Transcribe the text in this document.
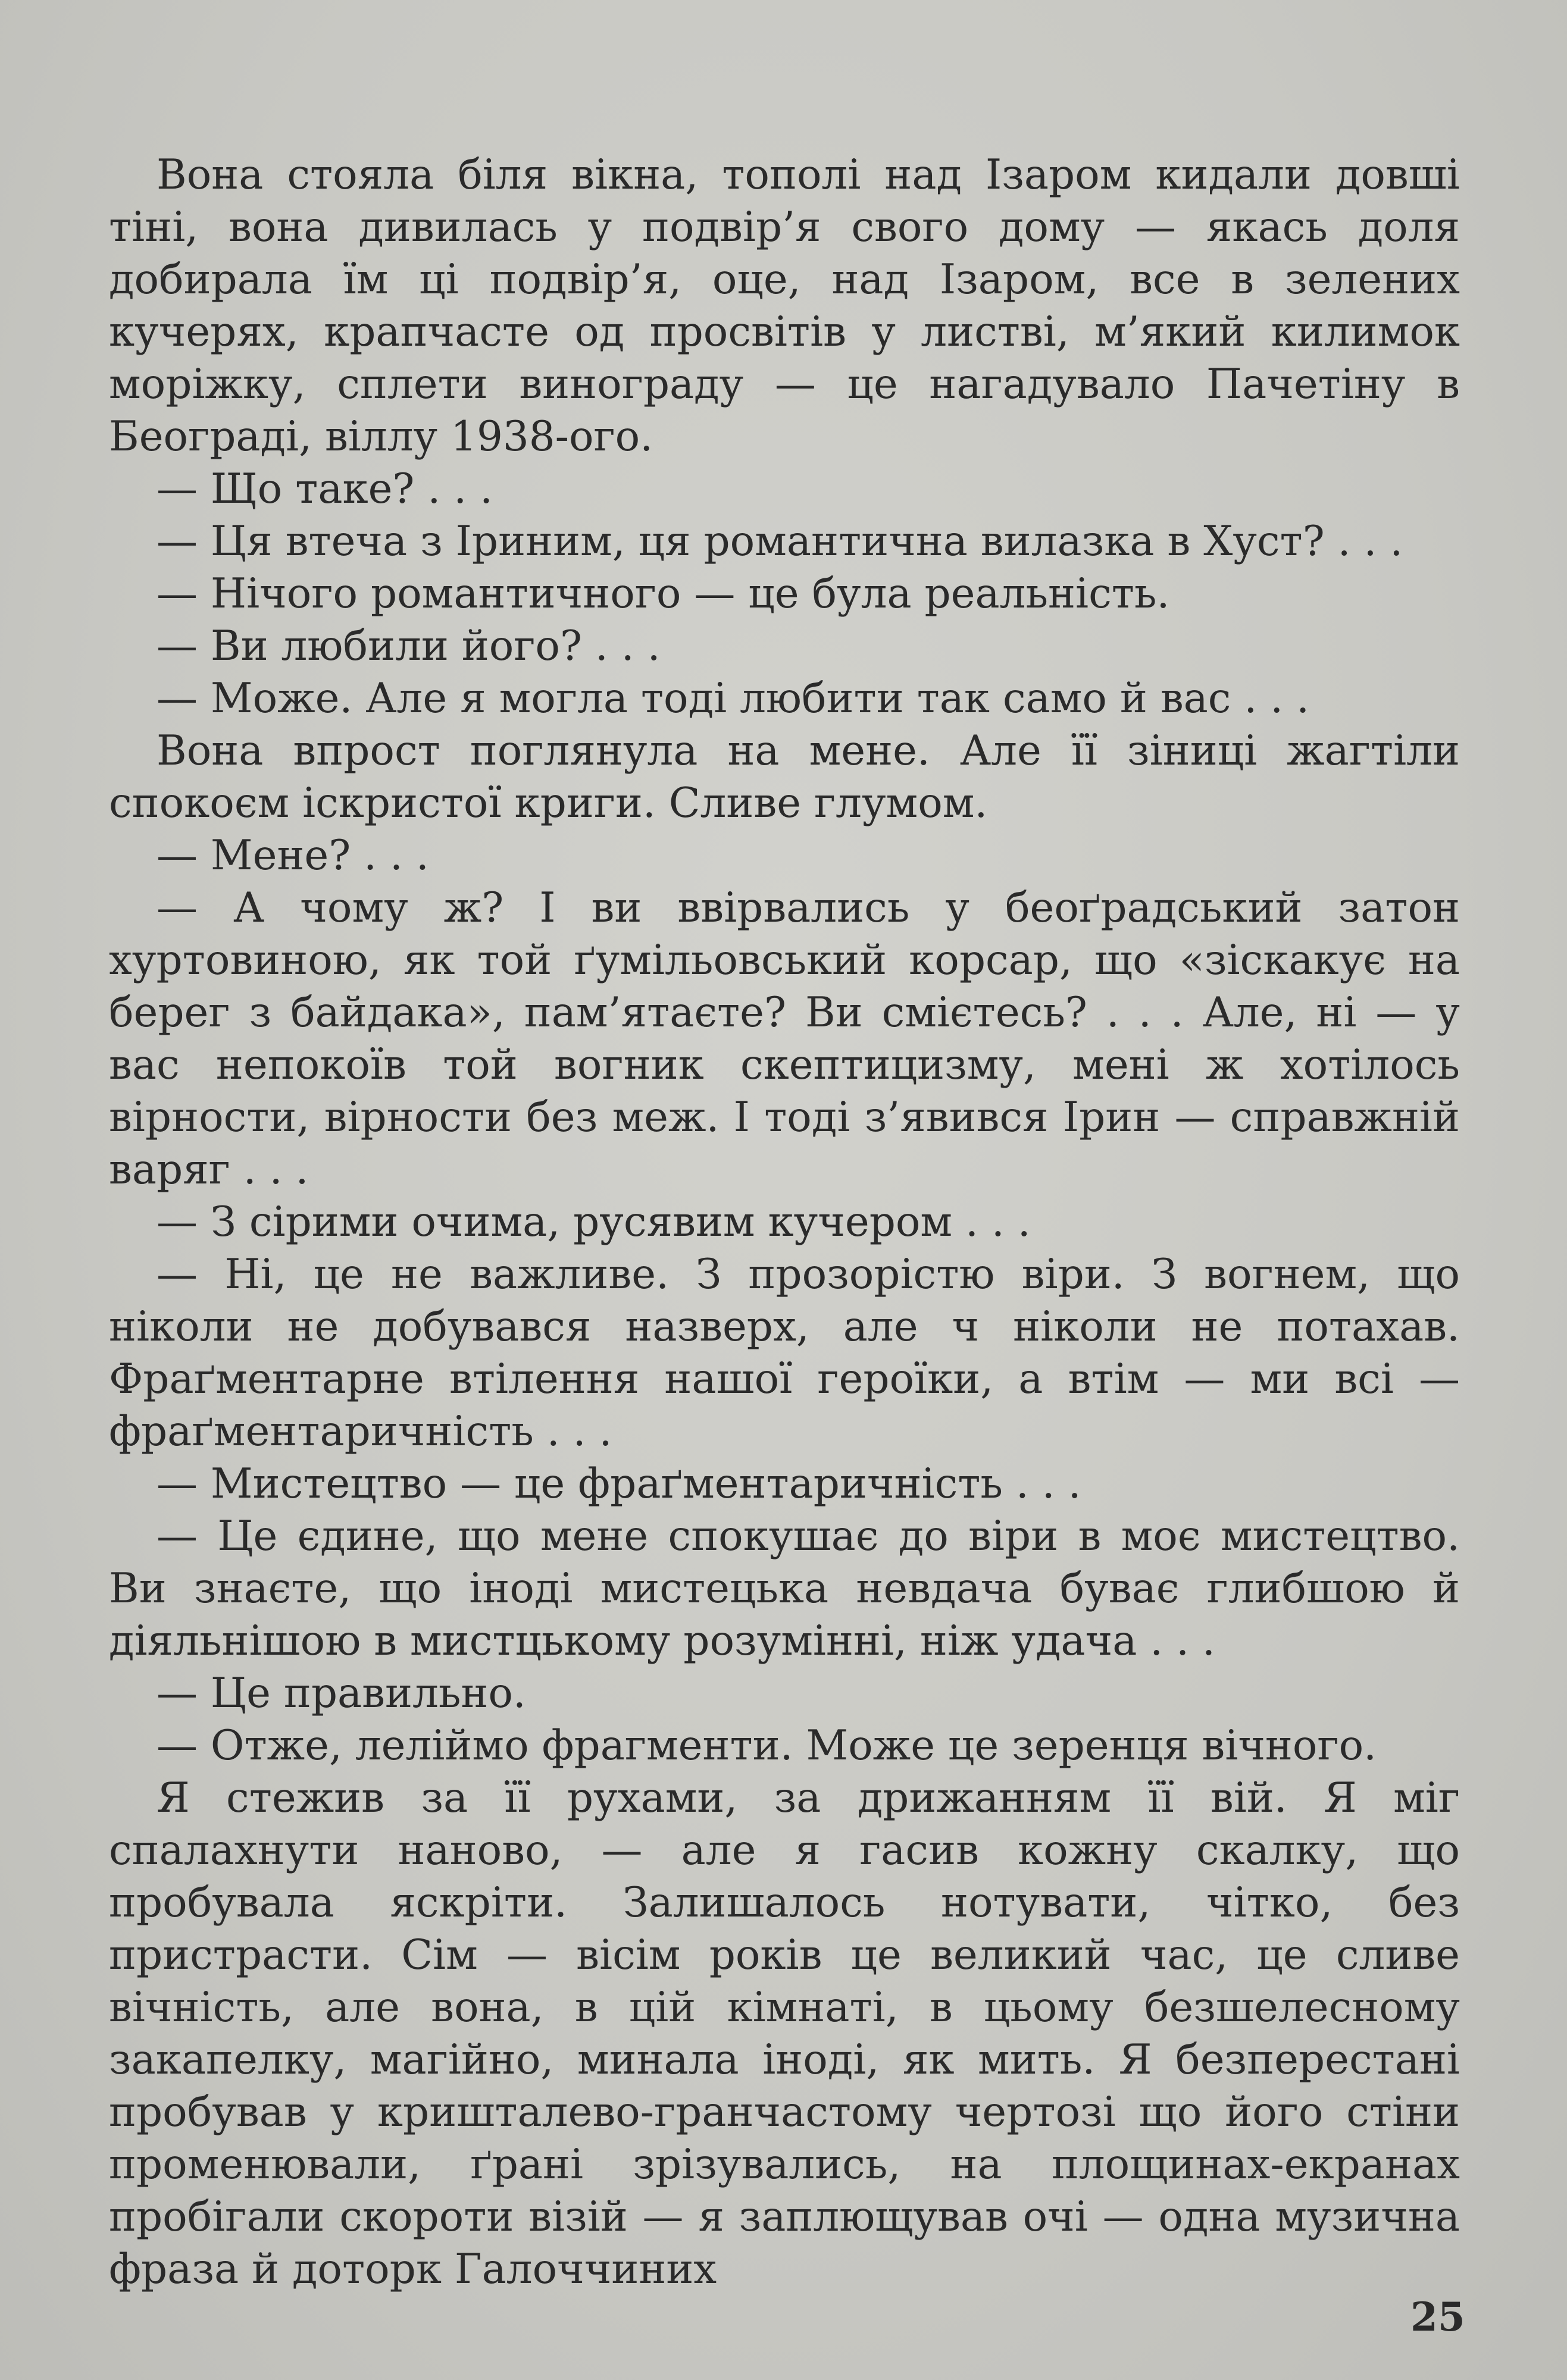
Вона стояла біля вікна, тополі над Ізаром кидали довші тіні, вона дивилась у подвір’я свого дому — якась доля добирала їм ці подвір’я, оце, над Ізаром, все в зелених кучерях, крапчасте од просвітів у листві, м’який килимок моріжку, сплети винограду — це нагадувало Пачетіну в Београді, віллу 1938-ого.

— Що таке? . . .

— Ця втеча з Іриним, ця романтична вилазка в Хуст? . . .

— Нічого романтичного — це була реальність.

— Ви любили його? . . .

— Може. Але я могла тоді любити так само й вас . . .

Вона впрост поглянула на мене. Але її зіниці жагтіли спокоєм іскристої криги. Сливе глумом.

— Мене? . . .

— А чому ж? І ви ввірвались у беоґрадський затон хуртовиною, як той ґумільовський корсар, що «зіскакує на берег з байдака», пам’ятаєте? Ви смієтесь? . . . Але, ні — у вас непокоїв той вогник скептицизму, мені ж хотілось вірности, вірности без меж. І тоді з’явився Ірин — справжній варяг . . .

— З сірими очима, русявим кучером . . .

— Ні, це не важливе. З прозорістю віри. З вогнем, що ніколи не добувався назверх, але ч ніколи не потахав. Фраґментарне втілення нашої героїки, а втім — ми всі — фраґментаричність . . .

— Мистецтво — це фраґментаричність . . .

— Це єдине, що мене спокушає до віри в моє мистецтво. Ви знаєте, що іноді мистецька невдача буває глибшою й діяльнішою в мистцькому розумінні, ніж удача . . .

— Це правильно.

— Отже, леліймо фрагменти. Може це зеренця вічного.

Я стежив за її рухами, за дрижанням її вій. Я міг спалахнути наново, — але я гасив кожну скалку, що пробувала яскріти. Залишалось нотувати, чітко, без пристрасти. Сім — вісім років це великий час, це сливе вічність, але вона, в цій кімнаті, в цьому безшелесному закапелку, магійно, минала іноді, як мить. Я безперестані пробував у кришталево-гранчастому чертозі що його стіни променювали, ґрані зрізувались, на площинах-екранах пробігали скороти візій — я заплющував очі — одна музична фраза й доторк Галоччиних

25
